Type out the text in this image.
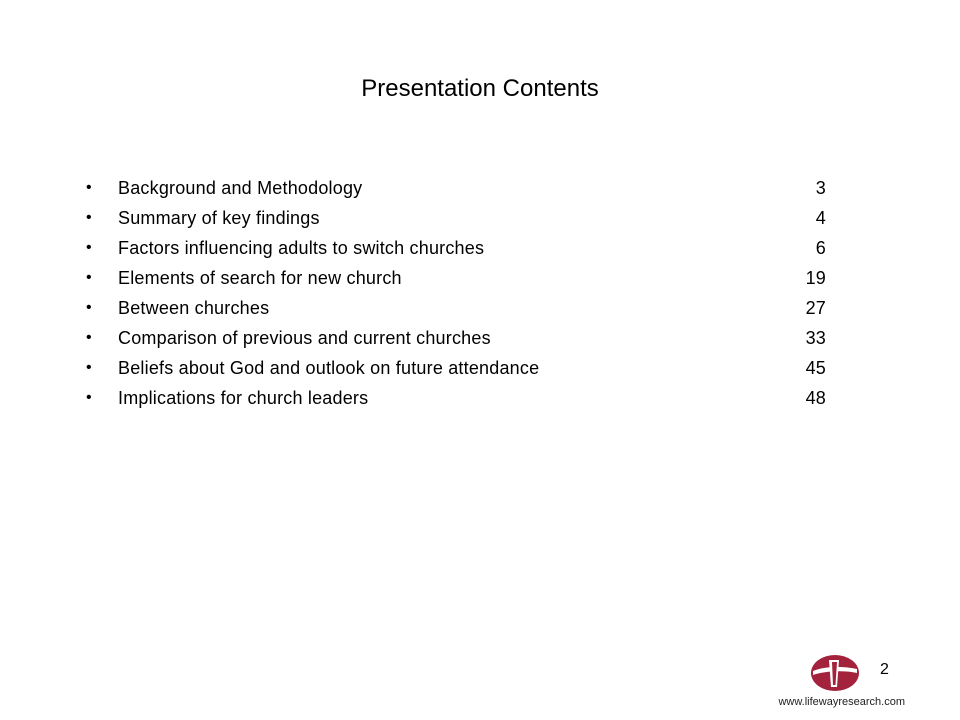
Presentation Contents
• Background and Methodology	3
• Summary of key findings	4
• Factors influencing adults to switch churches	6
• Elements of search for new church	19
• Between churches	27
• Comparison of previous and current churches	33
• Beliefs about God and outlook on future attendance	45
• Implications for church leaders	48
2
www.lifewayresearch.com
